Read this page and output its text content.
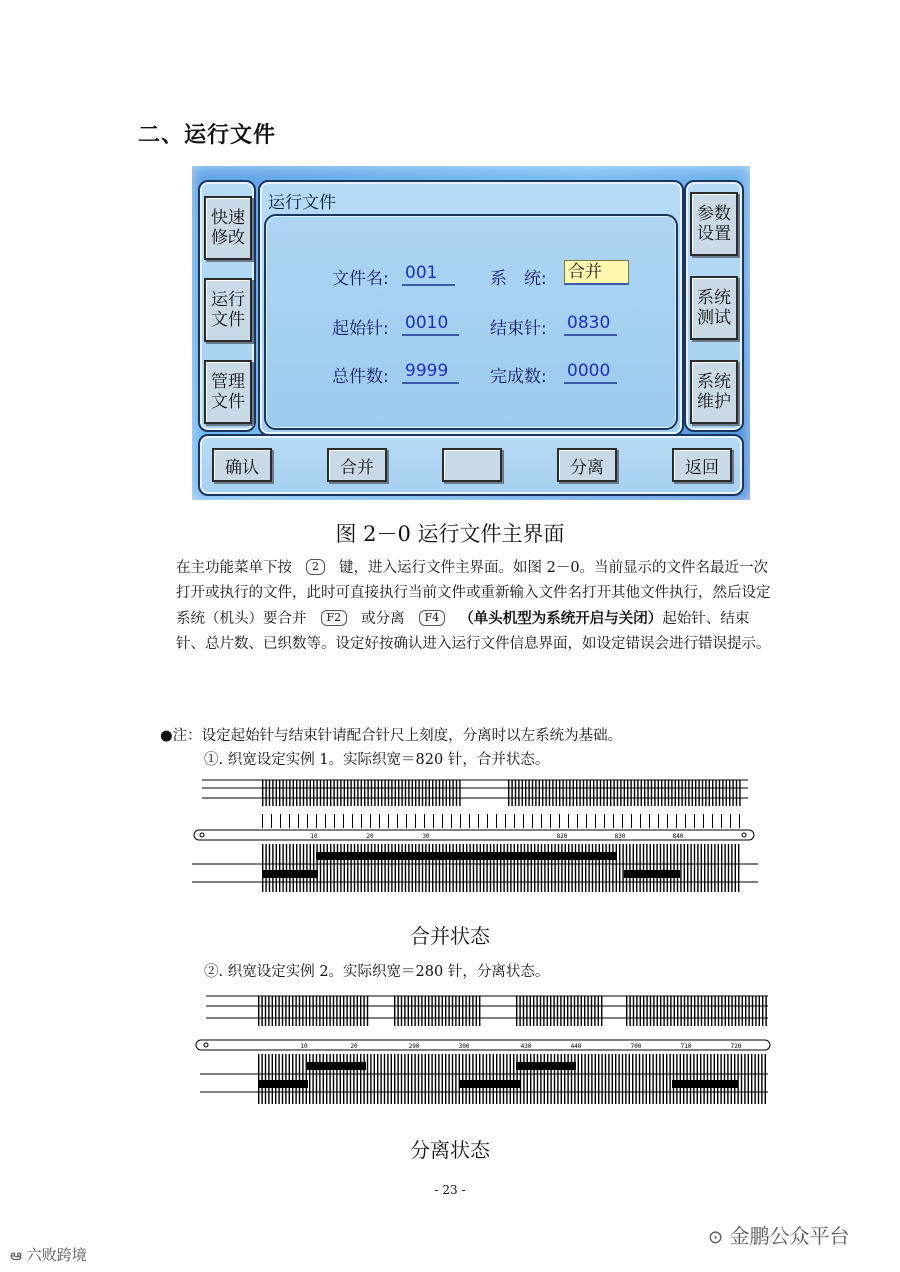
二、运行文件
快速
修改
运行
文件
管理
文件
参数
设置
系统
测试
系统
维护
运行文件
文件名: 001	系　统: 合并
起始针: 0010	结束针: 0830
总件数: 9999	完成数: 0000
确认	合并	分离	返回
图 2－0 运行文件主界面
在主功能菜单下按 2 键，进入运行文件主界面。如图 2－0。当前显示的文件名最近一次打开或执行的文件，此时可直接执行当前文件或重新输入文件名打开其他文件执行，然后设定系统（机头）要合并 F2 或分离 F4 （单头机型为系统开启与关闭）起始针、结束针、总片数、已织数等。设定好按确认进入运行文件信息界面，如设定错误会进行错误提示。
●注：设定起始针与结束针请配合针尺上刻度，分离时以左系统为基础。
①. 织宽设定实例 1。实际织宽＝820 针，合并状态。
10	20	30	820	830	840
合并状态
②. 织宽设定实例 2。实际织宽＝280 针，分离状态。
10	20	290	300	430	440	700	710	720
分离状态
- 23 -
⊙ 金鹏公众平台
ఆ 六败跨境
